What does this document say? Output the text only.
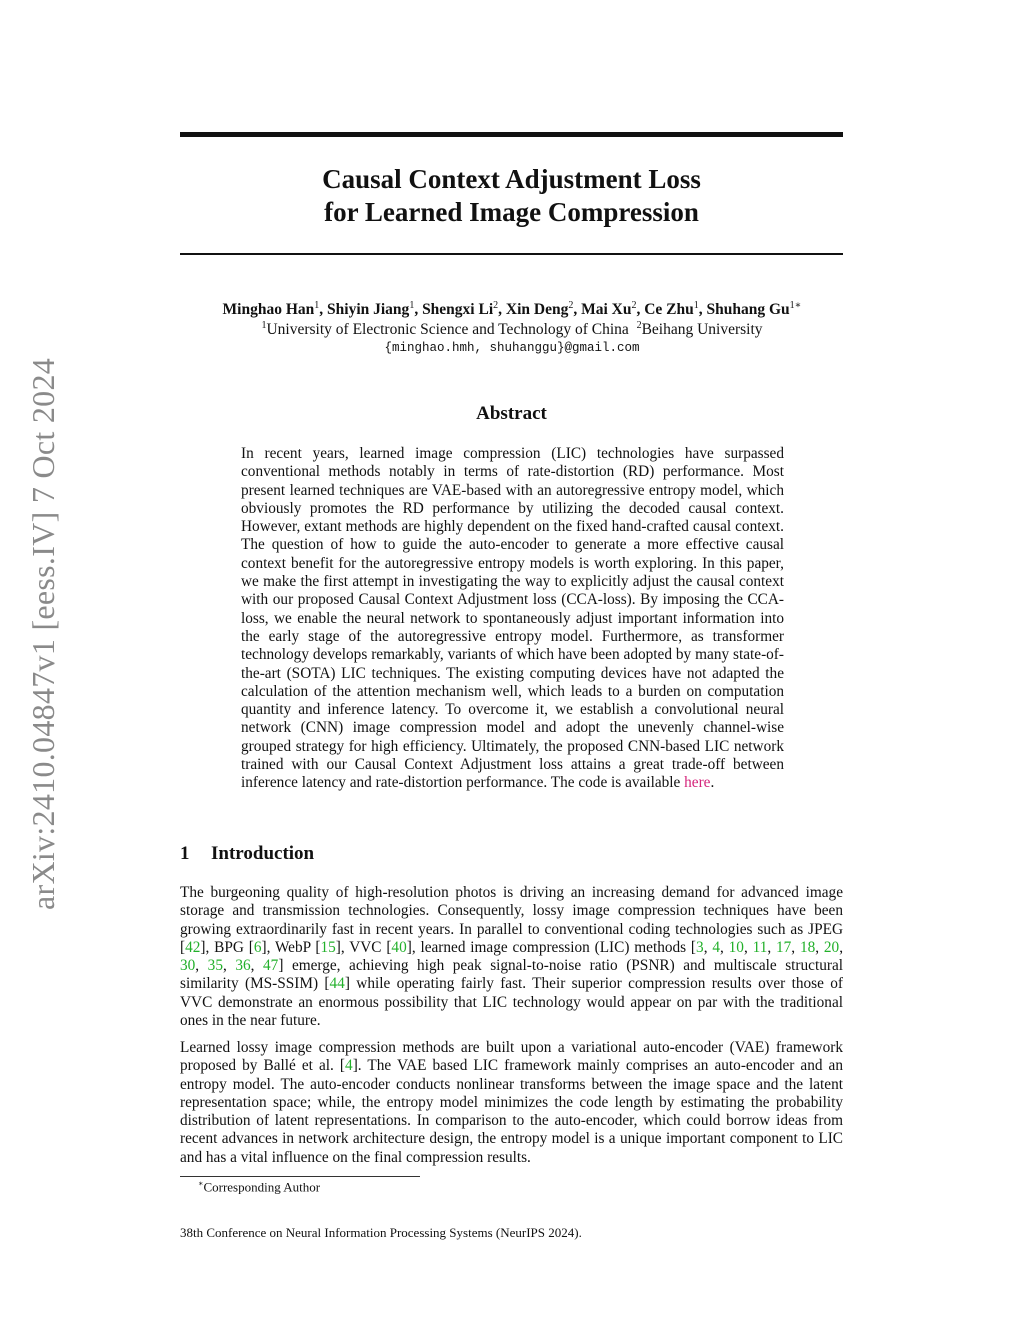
arXiv:2410.04847v1 [eess.IV] 7 Oct 2024
Causal Context Adjustment Loss
for Learned Image Compression
Minghao Han$^1$, Shiyin Jiang$^1$, Shengxi Li$^2$, Xin Deng$^2$, Mai Xu$^2$, Ce Zhu$^1$, Shuhang $Gu^{1∗}$
$^1$University of Electronic Science and Technology of China $^2$Beihang University
{minghao.hmh, shuhanggu}@gmail.com
Abstract
In recent years, learned image compression (LIC) technologies have surpassed conventional methods notably in terms of rate-distortion (RD) performance. Most present learned techniques are VAE-based with an autoregressive entropy model, which obviously promotes the RD performance by utilizing the decoded causal context. However, extant methods are highly dependent on the fixed hand-crafted causal context. The question of how to guide the auto-encoder to generate a more effective causal context benefit for the autoregressive entropy models is worth exploring. In this paper, we make the first attempt in investigating the way to explicitly adjust the causal context with our proposed Causal Context Adjustment loss (CCA-loss). By imposing the CCA-loss, we enable the neural network to spontaneously adjust important information into the early stage of the autoregressive entropy model. Furthermore, as transformer technology develops remarkably, variants of which have been adopted by many state-of-the-art (SOTA) LIC techniques. The existing computing devices have not adapted the calculation of the attention mechanism well, which leads to a burden on computation quantity and inference latency. To overcome it, we establish a convolutional neural network (CNN) image compression model and adopt the unevenly channel-wise grouped strategy for high efficiency. Ultimately, the proposed CNN-based LIC network trained with our Causal Context Adjustment loss attains a great trade-off between inference latency and rate-distortion performance. The code is available here.
1 Introduction
The burgeoning quality of high-resolution photos is driving an increasing demand for advanced image storage and transmission technologies. Consequently, lossy image compression techniques have been growing extraordinarily fast in recent years. In parallel to conventional coding technologies such as JPEG [42], BPG [6], WebP [15], VVC [40], learned image compression (LIC) methods [3, 4, 10, 11, 17, 18, 20, 30, 35, 36, 47] emerge, achieving high peak signal-to-noise ratio (PSNR) and multiscale structural similarity (MS-SSIM) [44] while operating fairly fast. Their superior compression results over those of VVC demonstrate an enormous possibility that LIC technology would appear on par with the traditional ones in the near future.
Learned lossy image compression methods are built upon a variational auto-encoder (VAE) framework proposed by Ballé et al. [4]. The VAE based LIC framework mainly comprises an auto-encoder and an entropy model. The auto-encoder conducts nonlinear transforms between the image space and the latent representation space; while, the entropy model minimizes the code length by estimating the probability distribution of latent representations. In comparison to the auto-encoder, which could borrow ideas from recent advances in network architecture design, the entropy model is a unique important component to LIC and has a vital influence on the final compression results.
∗Corresponding Author
38th Conference on Neural Information Processing Systems (NeurIPS 2024).
